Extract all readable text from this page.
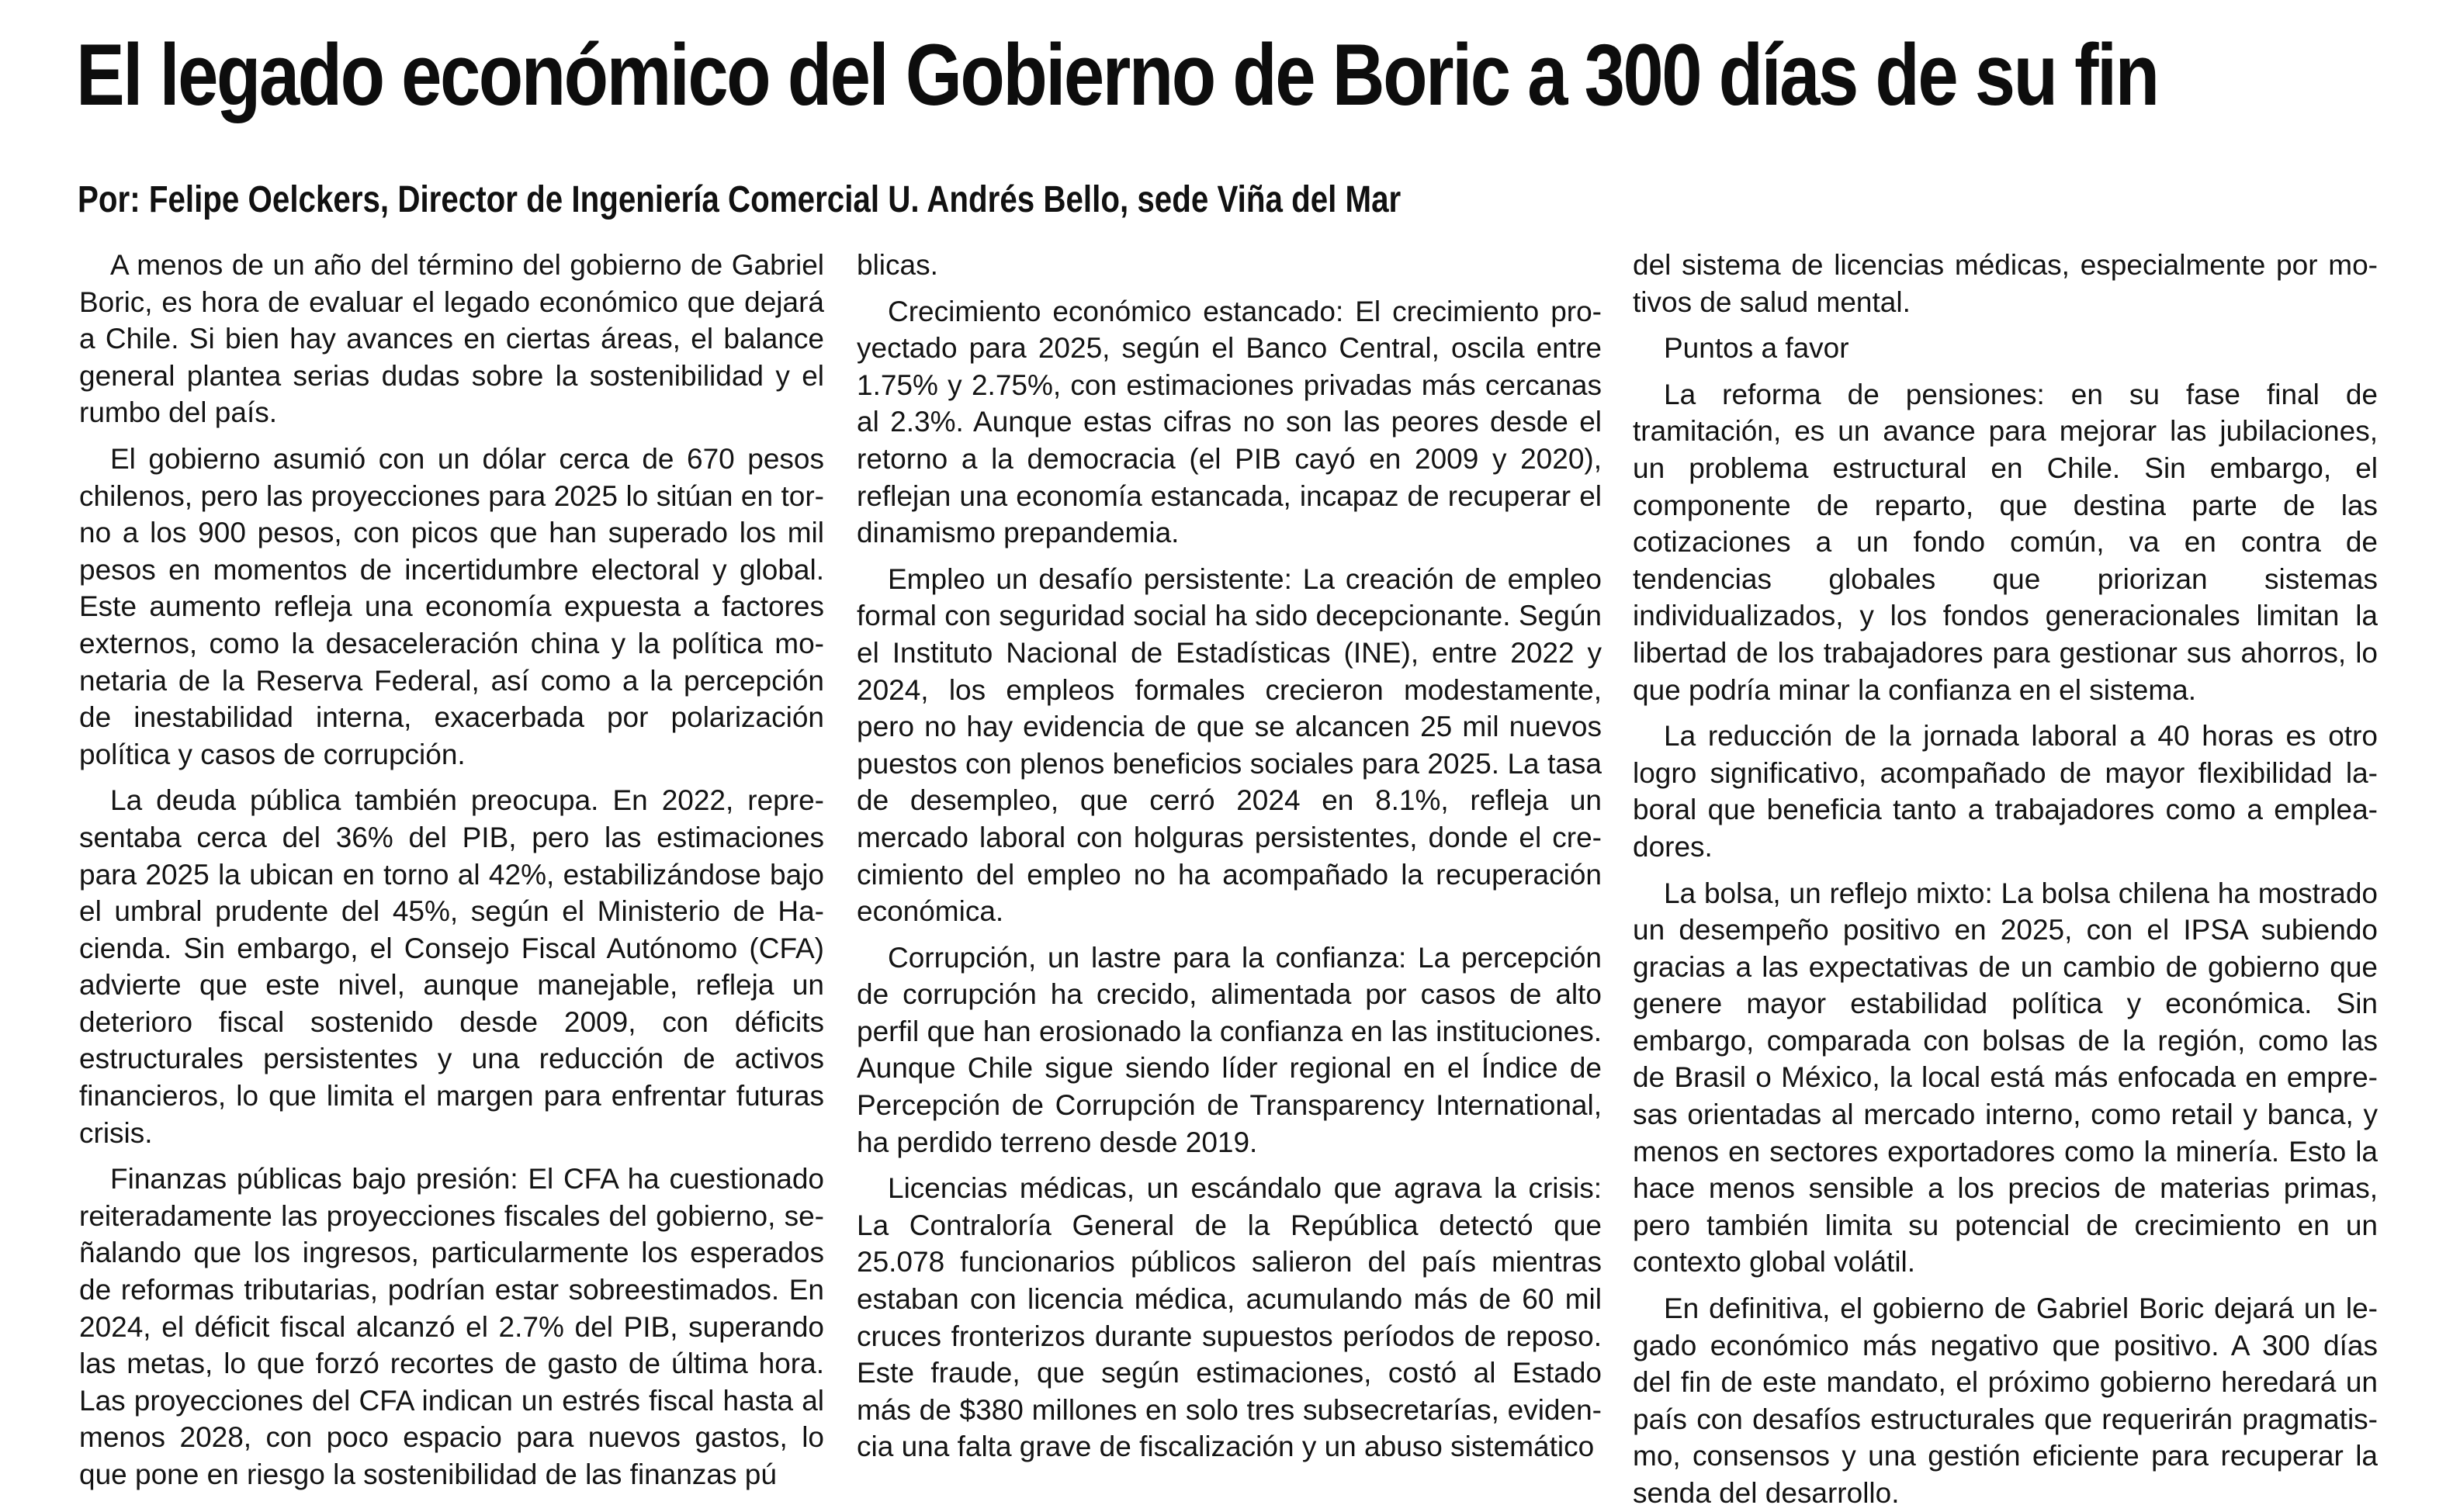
El legado económico del Gobierno de Boric a 300 días de su fin

Por: Felipe Oelckers, Director de Ingeniería Comercial U. Andrés Bello, sede Viña del Mar

A menos de un año del término del gobierno de Gabriel Boric, es hora de evaluar el legado económico que dejará a Chile. Si bien hay avances en ciertas áreas, el balance general plantea serias dudas sobre la sostenibilidad y el rumbo del país.

El gobierno asumió con un dólar cerca de 670 pesos chilenos, pero las proyecciones para 2025 lo sitúan en torno a los 900 pesos, con picos que han superado los mil pesos en momentos de incertidumbre electoral y global. Este aumento refleja una economía expuesta a factores externos, como la desaceleración china y la política monetaria de la Reserva Federal, así como a la percepción de inestabilidad interna, exacerbada por polarización política y casos de corrupción.

La deuda pública también preocupa. En 2022, representaba cerca del 36% del PIB, pero las estimaciones para 2025 la ubican en torno al 42%, estabilizándose bajo el umbral prudente del 45%, según el Ministerio de Hacienda. Sin embargo, el Consejo Fiscal Autónomo (CFA) advierte que este nivel, aunque manejable, refleja un deterioro fiscal sostenido desde 2009, con déficits estructurales persistentes y una reducción de activos financieros, lo que limita el margen para enfrentar futuras crisis.

Finanzas públicas bajo presión: El CFA ha cuestionado reiteradamente las proyecciones fiscales del gobierno, señalando que los ingresos, particularmente los esperados de reformas tributarias, podrían estar sobreestimados. En 2024, el déficit fiscal alcanzó el 2.7% del PIB, superando las metas, lo que forzó recortes de gasto de última hora. Las proyecciones del CFA indican un estrés fiscal hasta al menos 2028, con poco espacio para nuevos gastos, lo que pone en riesgo la sostenibilidad de las finanzas pú

blicas.

Crecimiento económico estancado: El crecimiento proyectado para 2025, según el Banco Central, oscila entre 1.75% y 2.75%, con estimaciones privadas más cercanas al 2.3%. Aunque estas cifras no son las peores desde el retorno a la democracia (el PIB cayó en 2009 y 2020), reflejan una economía estancada, incapaz de recuperar el dinamismo prepandemia.

Empleo un desafío persistente: La creación de empleo formal con seguridad social ha sido decepcionante. Según el Instituto Nacional de Estadísticas (INE), entre 2022 y 2024, los empleos formales crecieron modestamente, pero no hay evidencia de que se alcancen 25 mil nuevos puestos con plenos beneficios sociales para 2025. La tasa de desempleo, que cerró 2024 en 8.1%, refleja un mercado laboral con holguras persistentes, donde el crecimiento del empleo no ha acompañado la recuperación económica.

Corrupción, un lastre para la confianza: La percepción de corrupción ha crecido, alimentada por casos de alto perfil que han erosionado la confianza en las instituciones. Aunque Chile sigue siendo líder regional en el Índice de Percepción de Corrupción de Transparency International, ha perdido terreno desde 2019.

Licencias médicas, un escándalo que agrava la crisis: La Contraloría General de la República detectó que 25.078 funcionarios públicos salieron del país mientras estaban con licencia médica, acumulando más de 60 mil cruces fronterizos durante supuestos períodos de reposo. Este fraude, que según estimaciones, costó al Estado más de $380 millones en solo tres subsecretarías, evidencia una falta grave de fiscalización y un abuso sistemático

del sistema de licencias médicas, especialmente por motivos de salud mental.

Puntos a favor

La reforma de pensiones: en su fase final de tramitación, es un avance para mejorar las jubilaciones, un problema estructural en Chile. Sin embargo, el componente de reparto, que destina parte de las cotizaciones a un fondo común, va en contra de tendencias globales que priorizan sistemas individualizados, y los fondos generacionales limitan la libertad de los trabajadores para gestionar sus ahorros, lo que podría minar la confianza en el sistema.

La reducción de la jornada laboral a 40 horas es otro logro significativo, acompañado de mayor flexibilidad laboral que beneficia tanto a trabajadores como a empleadores.

La bolsa, un reflejo mixto: La bolsa chilena ha mostrado un desempeño positivo en 2025, con el IPSA subiendo gracias a las expectativas de un cambio de gobierno que genere mayor estabilidad política y económica. Sin embargo, comparada con bolsas de la región, como las de Brasil o México, la local está más enfocada en empresas orientadas al mercado interno, como retail y banca, y menos en sectores exportadores como la minería. Esto la hace menos sensible a los precios de materias primas, pero también limita su potencial de crecimiento en un contexto global volátil.

En definitiva, el gobierno de Gabriel Boric dejará un legado económico más negativo que positivo. A 300 días del fin de este mandato, el próximo gobierno heredará un país con desafíos estructurales que requerirán pragmatismo, consensos y una gestión eficiente para recuperar la senda del desarrollo.
